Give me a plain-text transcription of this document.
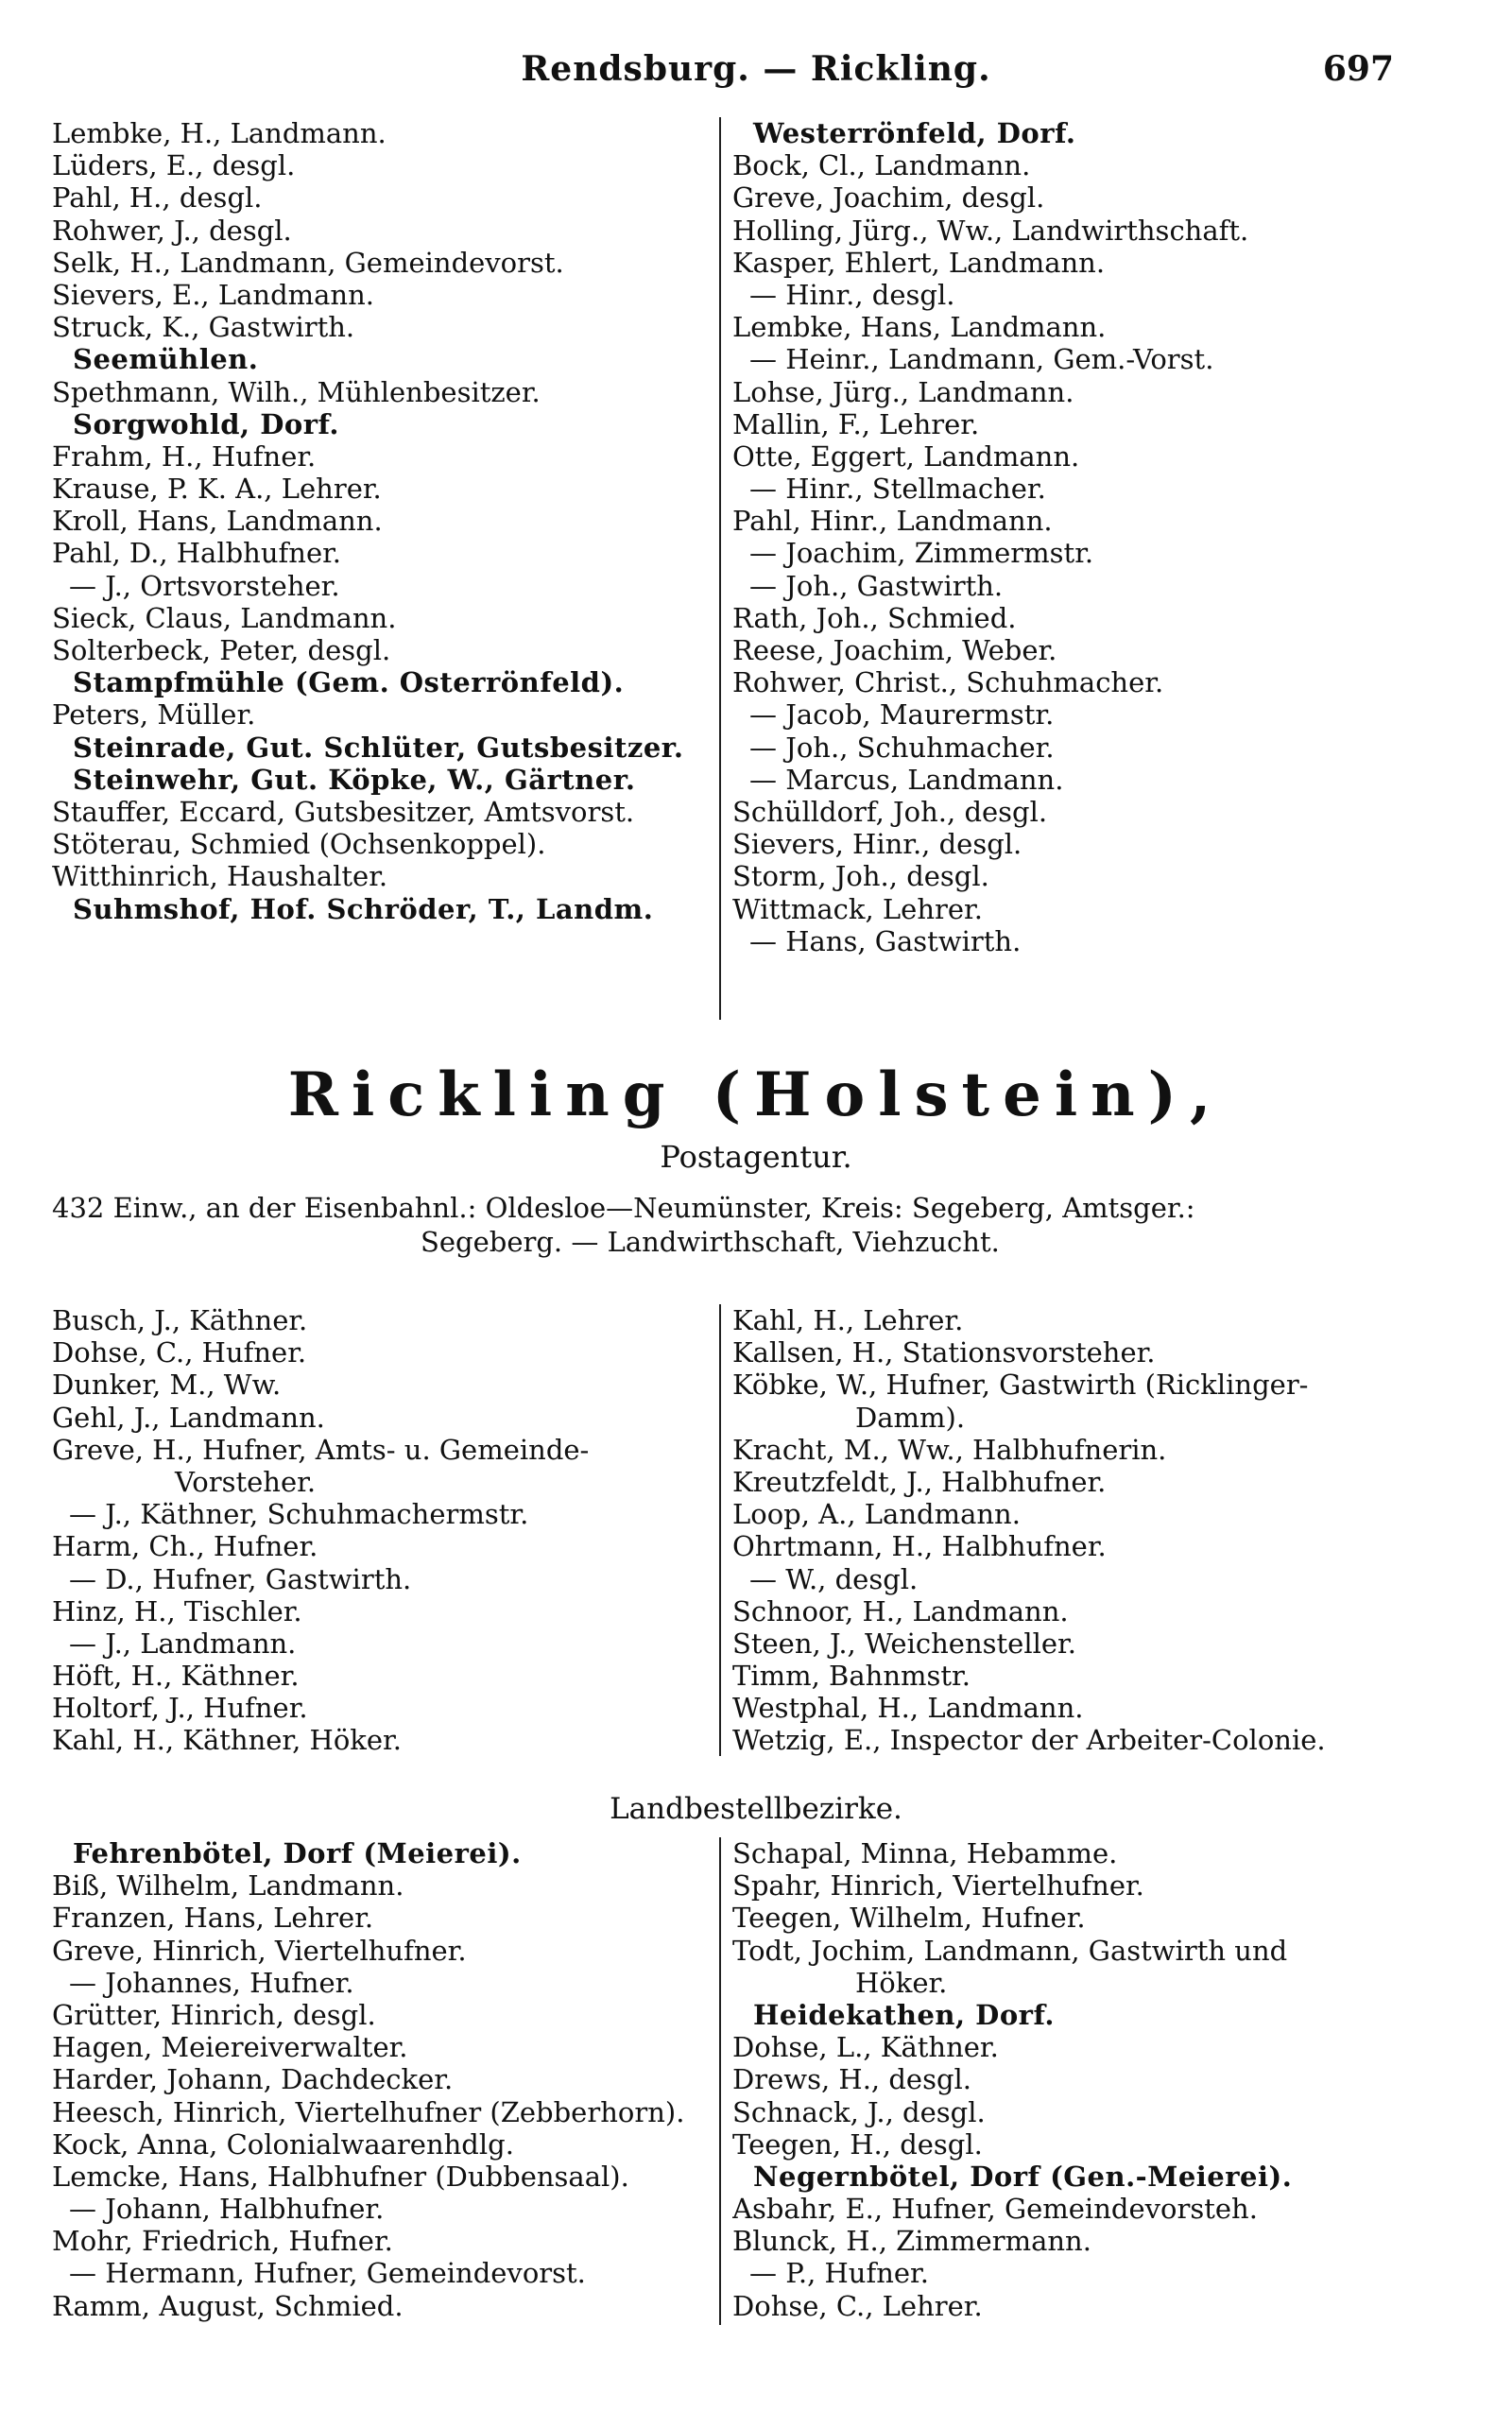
Rendsburg. — Rickling.	697
Lembke, H., Landmann.
Lüders, E., desgl.
Pahl, H., desgl.
Rohwer, J., desgl.
Selk, H., Landmann, Gemeindevorst.
Sievers, E., Landmann.
Struck, K., Gastwirth.
Seemühlen.
Spethmann, Wilh., Mühlenbesitzer.
Sorgwohld, Dorf.
Frahm, H., Hufner.
Krause, P. K. A., Lehrer.
Kroll, Hans, Landmann.
Pahl, D., Halbhufner.
— J., Ortsvorsteher.
Sieck, Claus, Landmann.
Solterbeck, Peter, desgl.
Stampfmühle (Gem. Osterrönfeld).
Peters, Müller.
Steinrade, Gut. Schlüter, Gutsbesitzer.
Steinwehr, Gut. Köpke, W., Gärtner.
Stauffer, Eccard, Gutsbesitzer, Amtsvorst.
Stöterau, Schmied (Ochsenkoppel).
Witthinrich, Haushalter.
Suhmshof, Hof. Schröder, T., Landm.
Westerrönfeld, Dorf.
Bock, Cl., Landmann.
Greve, Joachim, desgl.
Holling, Jürg., Ww., Landwirthschaft.
Kasper, Ehlert, Landmann.
— Hinr., desgl.
Lembke, Hans, Landmann.
— Heinr., Landmann, Gem.-Vorst.
Lohse, Jürg., Landmann.
Mallin, F., Lehrer.
Otte, Eggert, Landmann.
— Hinr., Stellmacher.
Pahl, Hinr., Landmann.
— Joachim, Zimmermstr.
— Joh., Gastwirth.
Rath, Joh., Schmied.
Reese, Joachim, Weber.
Rohwer, Christ., Schuhmacher.
— Jacob, Maurermstr.
— Joh., Schuhmacher.
— Marcus, Landmann.
Schülldorf, Joh., desgl.
Sievers, Hinr., desgl.
Storm, Joh., desgl.
Wittmack, Lehrer.
— Hans, Gastwirth.
Rickling (Holstein),
Postagentur.
432 Einw., an der Eisenbahnl.: Oldesloe—Neumünster, Kreis: Segeberg, Amtsger.:
Segeberg. — Landwirthschaft, Viehzucht.
Busch, J., Käthner.
Dohse, C., Hufner.
Dunker, M., Ww.
Gehl, J., Landmann.
Greve, H., Hufner, Amts- u. Gemeinde-
Vorsteher.
— J., Käthner, Schuhmachermstr.
Harm, Ch., Hufner.
— D., Hufner, Gastwirth.
Hinz, H., Tischler.
— J., Landmann.
Höft, H., Käthner.
Holtorf, J., Hufner.
Kahl, H., Käthner, Höker.
Kahl, H., Lehrer.
Kallsen, H., Stationsvorsteher.
Köbke, W., Hufner, Gastwirth (Ricklinger-
Damm).
Kracht, M., Ww., Halbhufnerin.
Kreutzfeldt, J., Halbhufner.
Loop, A., Landmann.
Ohrtmann, H., Halbhufner.
— W., desgl.
Schnoor, H., Landmann.
Steen, J., Weichensteller.
Timm, Bahnmstr.
Westphal, H., Landmann.
Wetzig, E., Inspector der Arbeiter-Colonie.
Landbestellbezirke.
Fehrenbötel, Dorf (Meierei).
Biß, Wilhelm, Landmann.
Franzen, Hans, Lehrer.
Greve, Hinrich, Viertelhufner.
— Johannes, Hufner.
Grütter, Hinrich, desgl.
Hagen, Meiereiverwalter.
Harder, Johann, Dachdecker.
Heesch, Hinrich, Viertelhufner (Zebberhorn).
Kock, Anna, Colonialwaarenhdlg.
Lemcke, Hans, Halbhufner (Dubbensaal).
— Johann, Halbhufner.
Mohr, Friedrich, Hufner.
— Hermann, Hufner, Gemeindevorst.
Ramm, August, Schmied.
Schapal, Minna, Hebamme.
Spahr, Hinrich, Viertelhufner.
Teegen, Wilhelm, Hufner.
Todt, Jochim, Landmann, Gastwirth und
Höker.
Heidekathen, Dorf.
Dohse, L., Käthner.
Drews, H., desgl.
Schnack, J., desgl.
Teegen, H., desgl.
Negernbötel, Dorf (Gen.-Meierei).
Asbahr, E., Hufner, Gemeindevorsteh.
Blunck, H., Zimmermann.
— P., Hufner.
Dohse, C., Lehrer.
